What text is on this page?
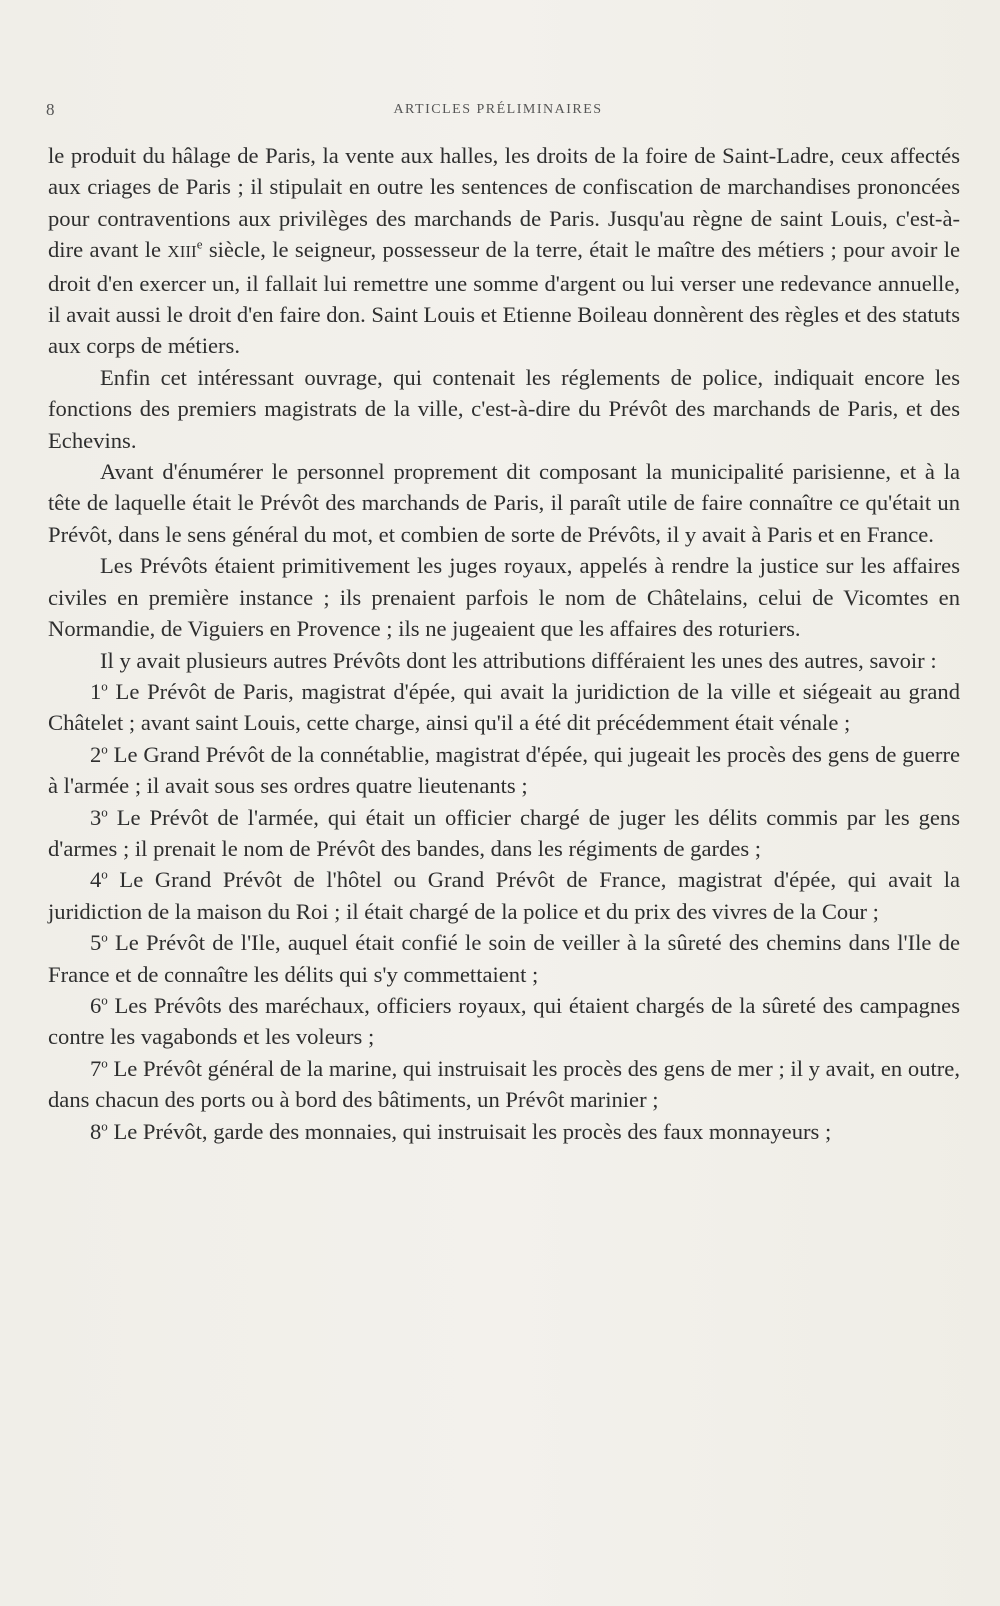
8	ARTICLES PRÉLIMINAIRES

le produit du hâlage de Paris, la vente aux halles, les droits de la foire de Saint-Ladre, ceux affectés aux criages de Paris ; il stipulait en outre les sentences de confiscation de marchandises prononcées pour contraventions aux privilèges des marchands de Paris. Jusqu'au règne de saint Louis, c'est-à-dire avant le XIIIe siècle, le seigneur, possesseur de la terre, était le maître des métiers ; pour avoir le droit d'en exercer un, il fallait lui remettre une somme d'argent ou lui verser une redevance annuelle, il avait aussi le droit d'en faire don. Saint Louis et Etienne Boileau donnèrent des règles et des statuts aux corps de métiers.

Enfin cet intéressant ouvrage, qui contenait les réglements de police, indiquait encore les fonctions des premiers magistrats de la ville, c'est-à-dire du Prévôt des marchands de Paris, et des Echevins.

Avant d'énumérer le personnel proprement dit composant la municipalité parisienne, et à la tête de laquelle était le Prévôt des marchands de Paris, il paraît utile de faire connaître ce qu'était un Prévôt, dans le sens général du mot, et combien de sorte de Prévôts, il y avait à Paris et en France.

Les Prévôts étaient primitivement les juges royaux, appelés à rendre la justice sur les affaires civiles en première instance ; ils prenaient parfois le nom de Châtelains, celui de Vicomtes en Normandie, de Viguiers en Provence ; ils ne jugeaient que les affaires des roturiers.

Il y avait plusieurs autres Prévôts dont les attributions différaient les unes des autres, savoir :

1$^o$ Le Prévôt de Paris, magistrat d'épée, qui avait la juridiction de la ville et siégeait au grand Châtelet ; avant saint Louis, cette charge, ainsi qu'il a été dit précédemment était vénale ;

2$^o$ Le Grand Prévôt de la connétablie, magistrat d'épée, qui jugeait les procès des gens de guerre à l'armée ; il avait sous ses ordres quatre lieutenants ;

3$^o$ Le Prévôt de l'armée, qui était un officier chargé de juger les délits commis par les gens d'armes ; il prenait le nom de Prévôt des bandes, dans les régiments de gardes ;

4$^o$ Le Grand Prévôt de l'hôtel ou Grand Prévôt de France, magistrat d'épée, qui avait la juridiction de la maison du Roi ; il était chargé de la police et du prix des vivres de la Cour ;

5$^o$ Le Prévôt de l'Ile, auquel était confié le soin de veiller à la sûreté des chemins dans l'Ile de France et de connaître les délits qui s'y commettaient ;

6$^o$ Les Prévôts des maréchaux, officiers royaux, qui étaient chargés de la sûreté des campagnes contre les vagabonds et les voleurs ;

7$^o$ Le Prévôt général de la marine, qui instruisait les procès des gens de mer ; il y avait, en outre, dans chacun des ports ou à bord des bâtiments, un Prévôt marinier ;

8$^o$ Le Prévôt, garde des monnaies, qui instruisait les procès des faux monnayeurs ;
